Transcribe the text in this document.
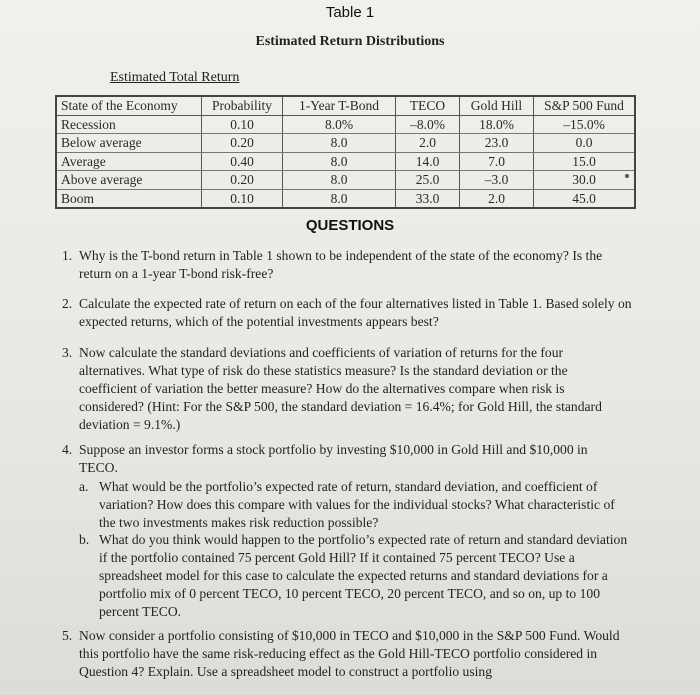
Table 1
Estimated Return Distributions
Estimated Total Return
State of the Economy	Probability	1-Year T-Bond	TECO	Gold Hill	S&P 500 Fund
Recession	0.10	8.0%	–8.0%	18.0%	–15.0%
Below average	0.20	8.0	2.0	23.0	0.0
Average	0.40	8.0	14.0	7.0	15.0
Above average	0.20	8.0	25.0	–3.0	30.0
Boom	0.10	8.0	33.0	2.0	45.0
QUESTIONS
1. Why is the T-bond return in Table 1 shown to be independent of the state of the economy? Is the return on a 1-year T-bond risk-free?
2. Calculate the expected rate of return on each of the four alternatives listed in Table 1. Based solely on expected returns, which of the potential investments appears best?
3. Now calculate the standard deviations and coefficients of variation of returns for the four alternatives. What type of risk do these statistics measure? Is the standard deviation or the coefficient of variation the better measure? How do the alternatives compare when risk is considered? (Hint: For the S&P 500, the standard deviation = 16.4%; for Gold Hill, the standard deviation = 9.1%.)
4. Suppose an investor forms a stock portfolio by investing $10,000 in Gold Hill and $10,000 in TECO.
a. What would be the portfolio’s expected rate of return, standard deviation, and coefficient of variation? How does this compare with values for the individual stocks? What characteristic of the two investments makes risk reduction possible?
b. What do you think would happen to the portfolio’s expected rate of return and standard deviation if the portfolio contained 75 percent Gold Hill? If it contained 75 percent TECO? Use a spreadsheet model for this case to calculate the expected returns and standard deviations for a portfolio mix of 0 percent TECO, 10 percent TECO, 20 percent TECO, and so on, up to 100 percent TECO.
5. Now consider a portfolio consisting of $10,000 in TECO and $10,000 in the S&P 500 Fund. Would this portfolio have the same risk-reducing effect as the Gold Hill-TECO portfolio considered in Question 4? Explain. Use a spreadsheet model to construct a portfolio using
